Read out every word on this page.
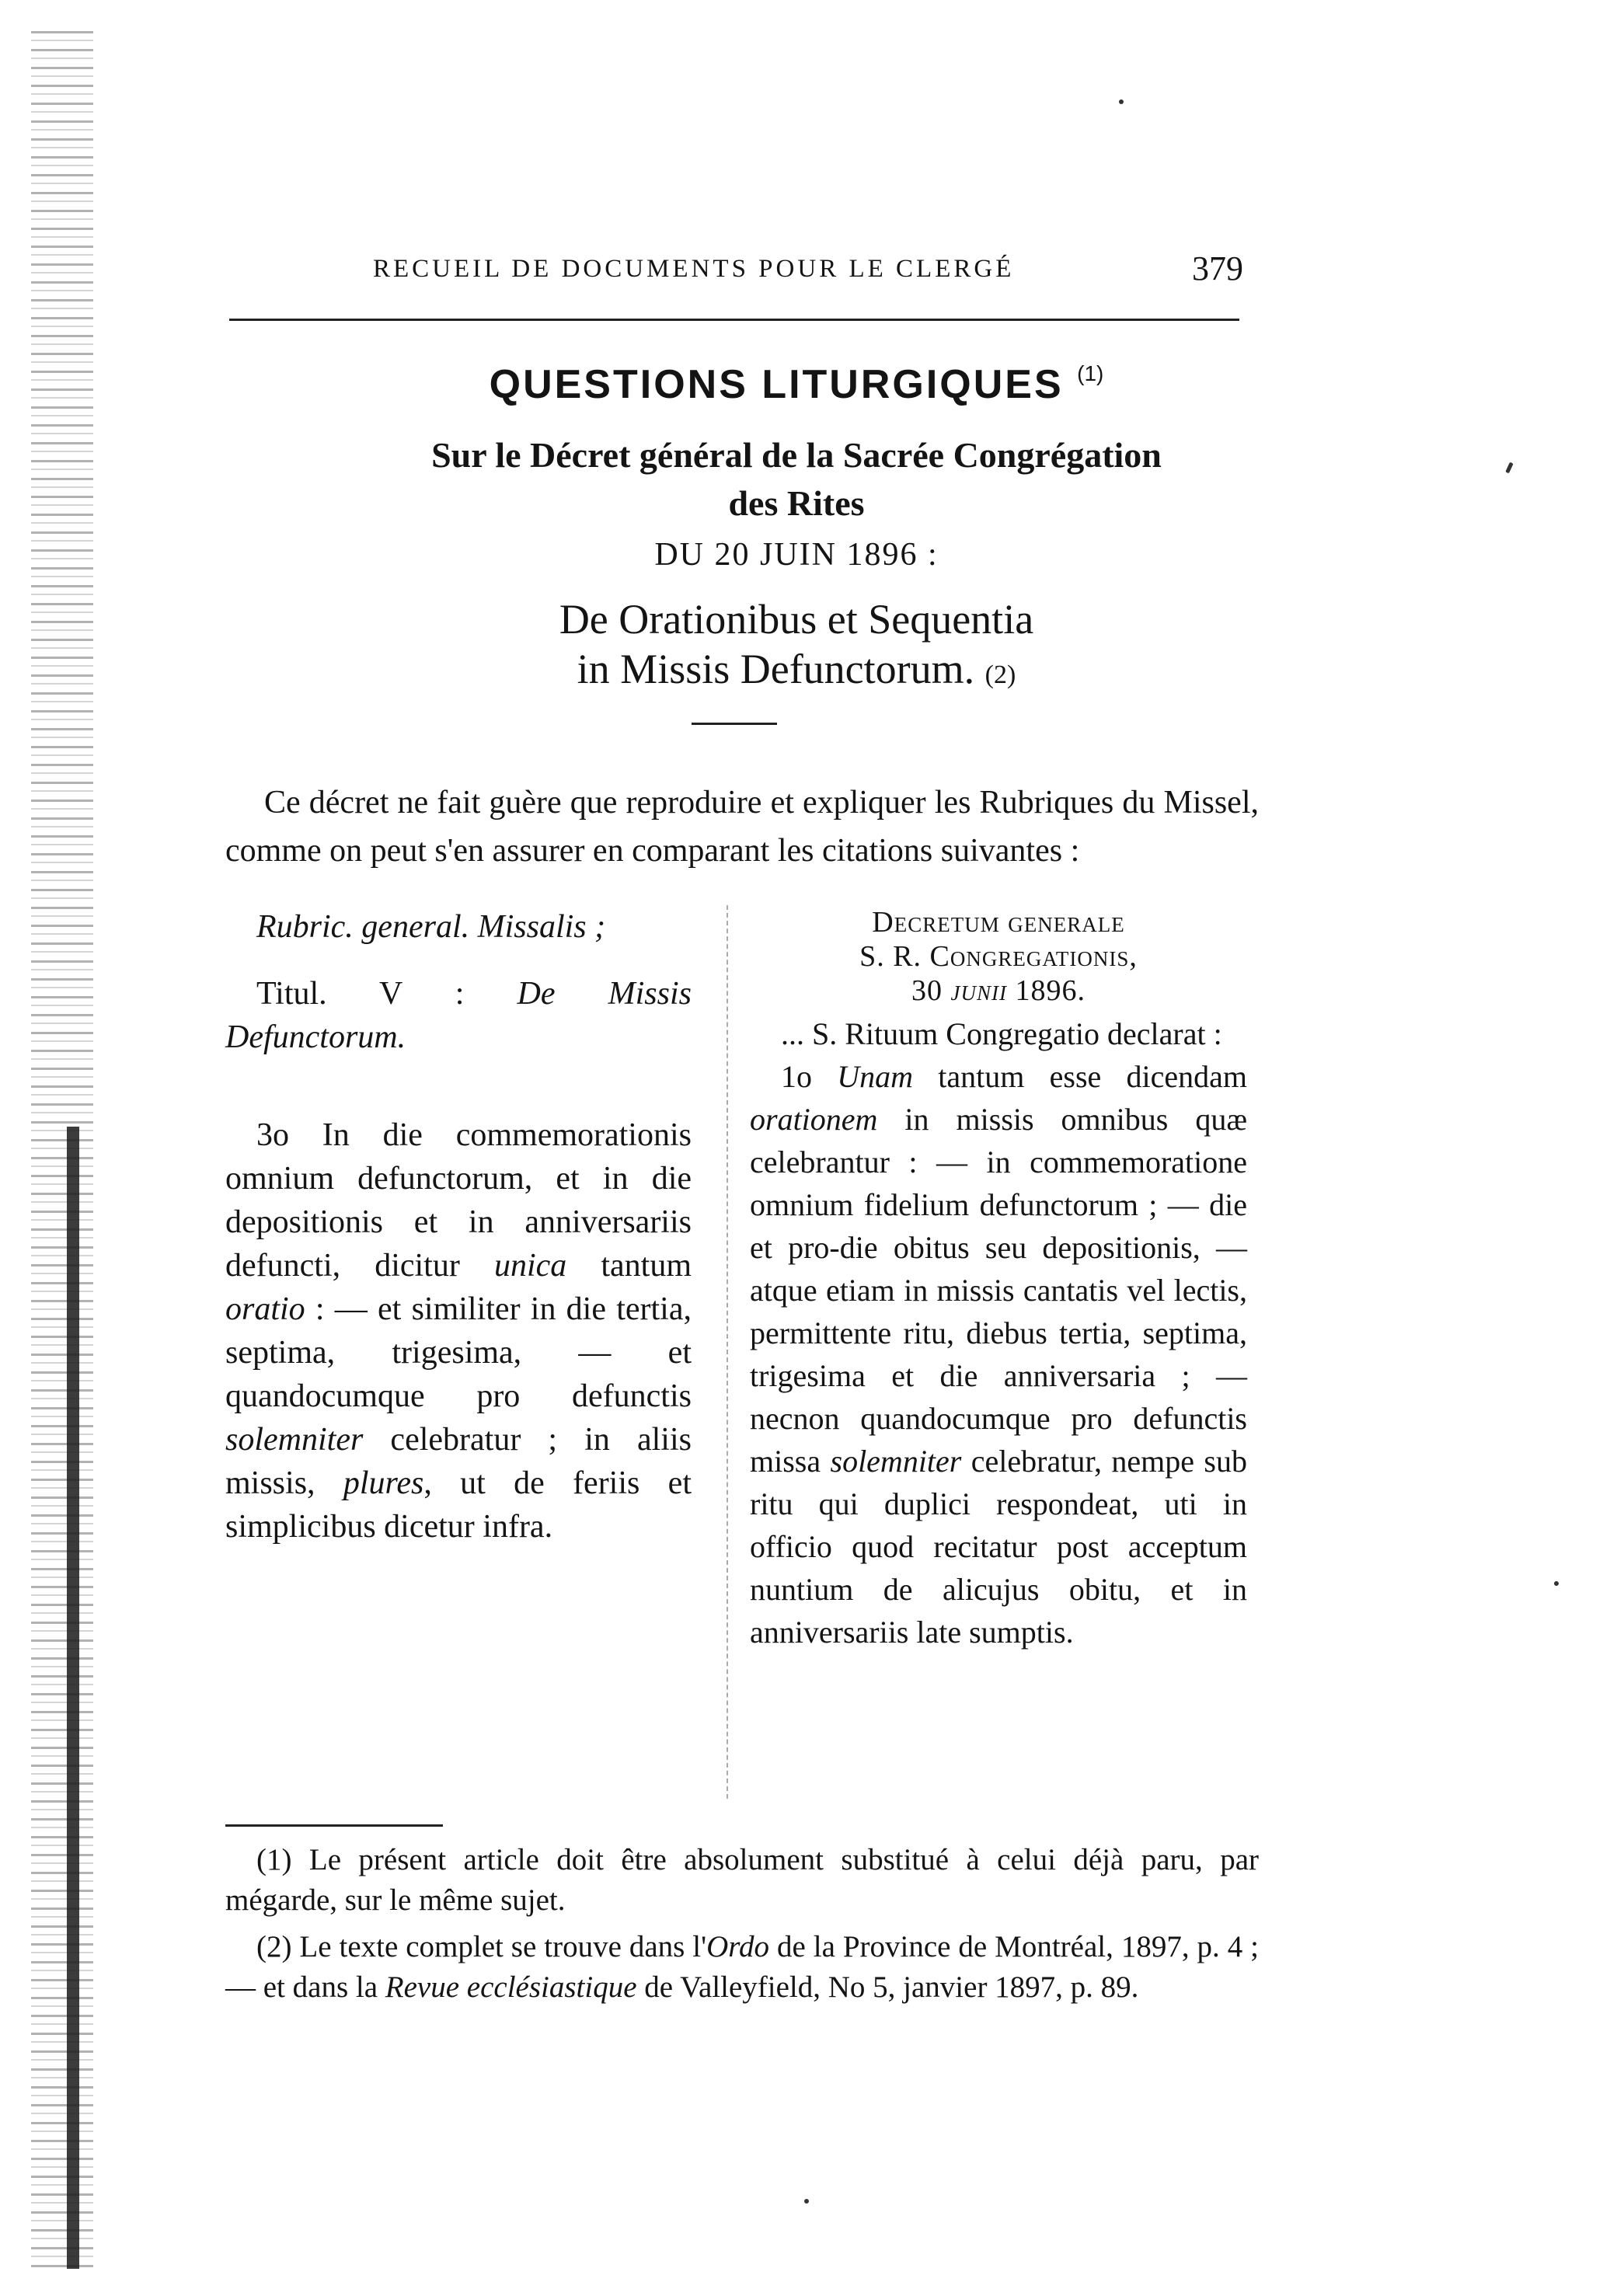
RECUEIL DE DOCUMENTS POUR LE CLERGÉ	379
QUESTIONS LITURGIQUES $^{(1)}$
Sur le Décret général de la Sacrée Congrégation
des Rites
DU 20 JUIN 1896 :
De Orationibus et Sequentia
in Missis Defunctorum. (2)

Ce décret ne fait guère que reproduire et expliquer les Rubriques du Missel, comme on peut s'en assurer en comparant les citations suivantes :

Rubric. general. Missalis ;

Titul. V : De Missis Defunctorum.

3o In die commemorationis omnium defunctorum, et in die depositionis et in anniversariis defuncti, dicitur unica tantum oratio : — et similiter in die tertia, septima, trigesima, — et quandocumque pro defunctis solemniter celebratur ; in aliis missis, plures, ut de feriis et simplicibus dicetur infra.

Decretum generale
S. R. Congregationis,
30 junii 1896.

... S. Rituum Congregatio declarat :

1o Unam tantum esse dicendam orationem in missis omnibus quæ celebrantur : — in commemoratione omnium fidelium defunctorum ; — die et pro-die obitus seu depositionis, — atque etiam in missis cantatis vel lectis, permittente ritu, diebus tertia, septima, trigesima et die anniversaria ; — necnon quandocumque pro defunctis missa solemniter celebratur, nempe sub ritu qui duplici respondeat, uti in officio quod recitatur post acceptum nuntium de alicujus obitu, et in anniversariis late sumptis.

(1) Le présent article doit être absolument substitué à celui déjà paru, par mégarde, sur le même sujet.

(2) Le texte complet se trouve dans l'Ordo de la Province de Montréal, 1897, p. 4 ; — et dans la Revue ecclésiastique de Valleyfield, No 5, janvier 1897, p. 89.
